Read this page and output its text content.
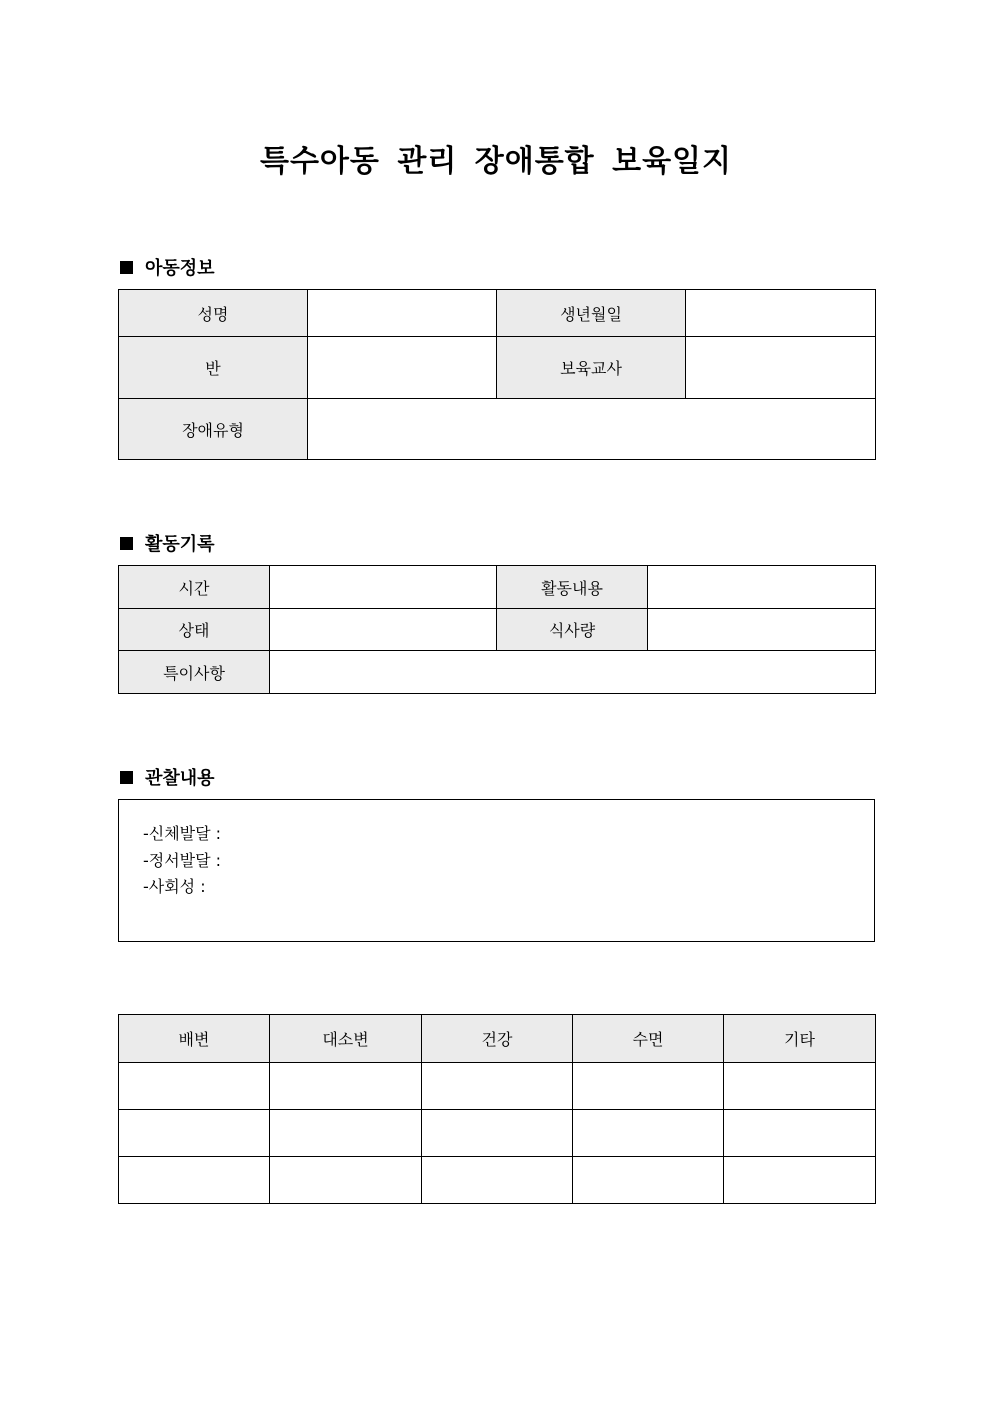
특수아동 관리 장애통합 보육일지
아동정보
성명		생년월일	
반		보육교사	
장애유형			
활동기록
시간		활동내용	
상태		식사량	
특이사항			
관찰내용
-신체발달 :
-정서발달 :
-사회성 :
배변	대소변	건강	수면	기타
